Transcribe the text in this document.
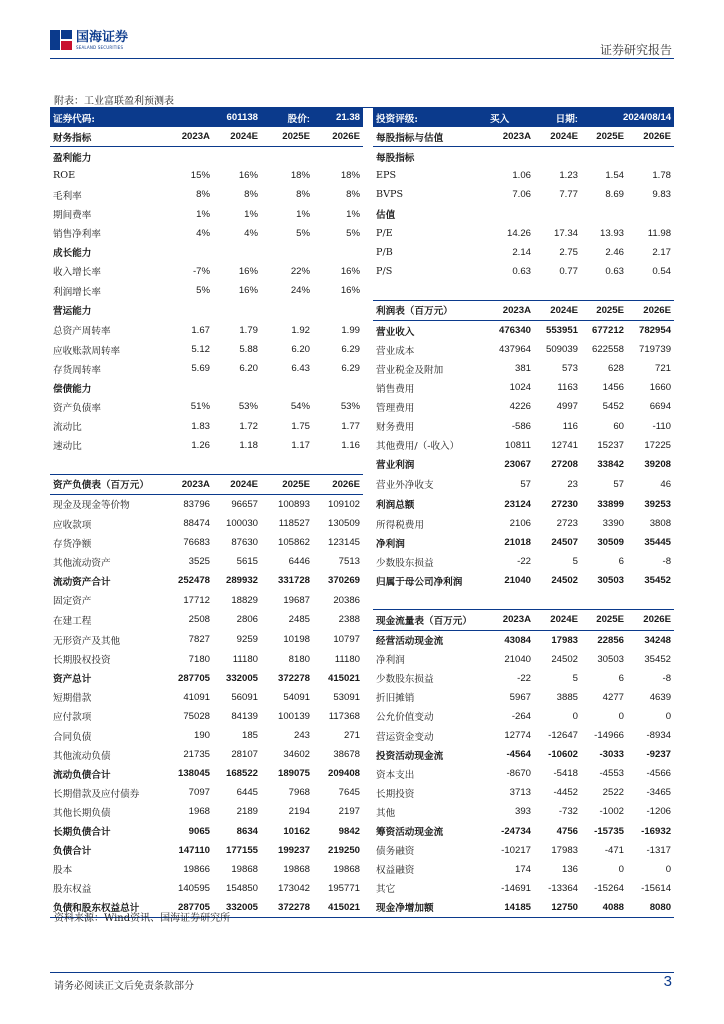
国海证券
SEALAND SECURITIES	证券研究报告
附表：工业富联盈利预测表
证券代码:	601138		股价:	21.38		投资评级:	买入	日期:	2024/08/14	
财务指标	2023A	2024E	2025E	2026E		每股指标与估值	2023A	2024E	2025E	2026E
盈利能力						每股指标				
ROE	15%	16%	18%	18%		EPS	1.06	1.23	1.54	1.78
毛利率	8%	8%	8%	8%		BVPS	7.06	7.77	8.69	9.83
期间费率	1%	1%	1%	1%		估值				
销售净利率	4%	4%	5%	5%		P/E	14.26	17.34	13.93	11.98
成长能力						P/B	2.14	2.75	2.46	2.17
收入增长率	-7%	16%	22%	16%		P/S	0.63	0.77	0.63	0.54
利润增长率	5%	16%	24%	16%						
营运能力						利润表（百万元）	2023A	2024E	2025E	2026E
总资产周转率	1.67	1.79	1.92	1.99		营业收入	476340	553951	677212	782954
应收账款周转率	5.12	5.88	6.20	6.29		营业成本	437964	509039	622558	719739
存货周转率	5.69	6.20	6.43	6.29		营业税金及附加	381	573	628	721
偿债能力						销售费用	1024	1163	1456	1660
资产负债率	51%	53%	54%	53%		管理费用	4226	4997	5452	6694
流动比	1.83	1.72	1.75	1.77		财务费用	-586	116	60	-110
速动比	1.26	1.18	1.17	1.16		其他费用/（-收入）	10811	12741	15237	17225
						营业利润	23067	27208	33842	39208
资产负债表（百万元）	2023A	2024E	2025E	2026E		营业外净收支	57	23	57	46
现金及现金等价物	83796	96657	100893	109102		利润总额	23124	27230	33899	39253
应收款项	88474	100030	118527	130509		所得税费用	2106	2723	3390	3808
存货净额	76683	87630	105862	123145		净利润	21018	24507	30509	35445
其他流动资产	3525	5615	6446	7513		少数股东损益	-22	5	6	-8
流动资产合计	252478	289932	331728	370269		归属于母公司净利润	21040	24502	30503	35452
固定资产	17712	18829	19687	20386						
在建工程	2508	2806	2485	2388		现金流量表（百万元）	2023A	2024E	2025E	2026E
无形资产及其他	7827	9259	10198	10797		经营活动现金流	43084	17983	22856	34248
长期股权投资	7180	11180	8180	11180		净利润	21040	24502	30503	35452
资产总计	287705	332005	372278	415021		少数股东损益	-22	5	6	-8
短期借款	41091	56091	54091	53091		折旧摊销	5967	3885	4277	4639
应付款项	75028	84139	100139	117368		公允价值变动	-264	0	0	0
合同负债	190	185	243	271		营运资金变动	12774	-12647	-14966	-8934
其他流动负债	21735	28107	34602	38678		投资活动现金流	-4564	-10602	-3033	-9237
流动负债合计	138045	168522	189075	209408		资本支出	-8670	-5418	-4553	-4566
长期借款及应付债券	7097	6445	7968	7645		长期投资	3713	-4452	2522	-3465
其他长期负债	1968	2189	2194	2197		其他	393	-732	-1002	-1206
长期负债合计	9065	8634	10162	9842		筹资活动现金流	-24734	4756	-15735	-16932
负债合计	147110	177155	199237	219250		债务融资	-10217	17983	-471	-1317
股本	19866	19868	19868	19868		权益融资	174	136	0	0
股东权益	140595	154850	173042	195771		其它	-14691	-13364	-15264	-15614
负债和股东权益总计	287705	332005	372278	415021		现金净增加额	14185	12750	4088	8080
资料来源：Wind资讯、国海证券研究所
请务必阅读正文后免责条款部分	3
